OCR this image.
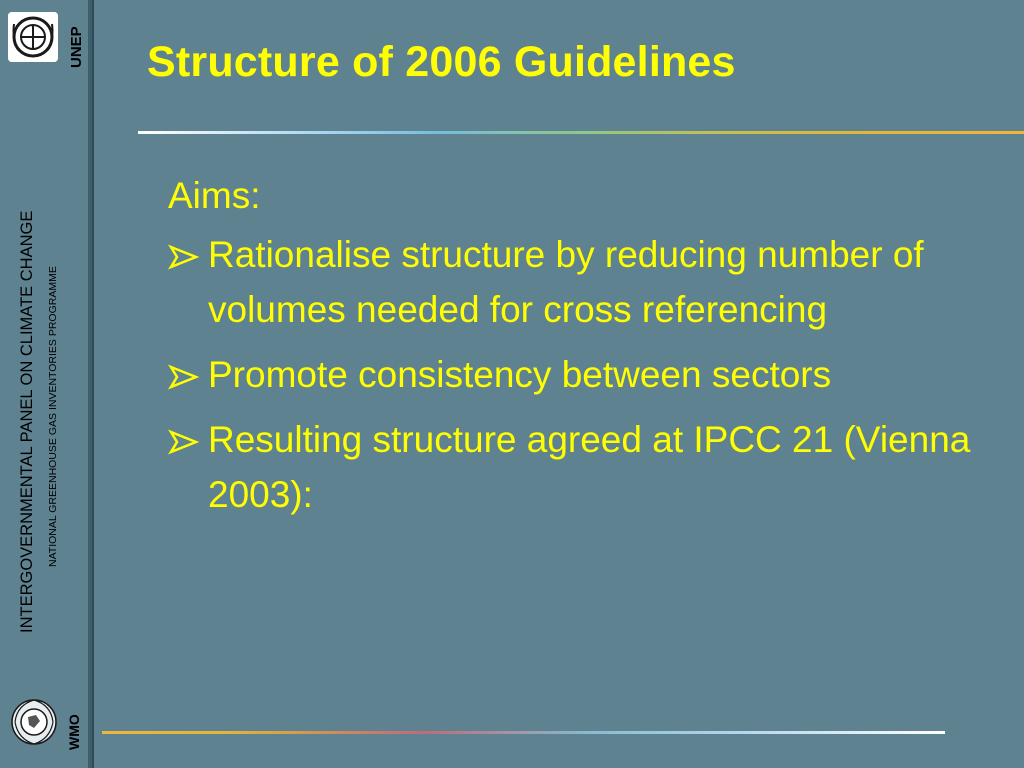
UNEP
INTERGOVERNMENTAL PANEL ON CLIMATE CHANGE NATIONAL GREENHOUSE GAS INVENTORIES PROGRAMME
WMO
Structure of 2006 Guidelines

Aims:

Rationalise structure by reducing number of volumes needed for cross referencing

Promote consistency between sectors

Resulting structure agreed at IPCC 21 (Vienna 2003):
